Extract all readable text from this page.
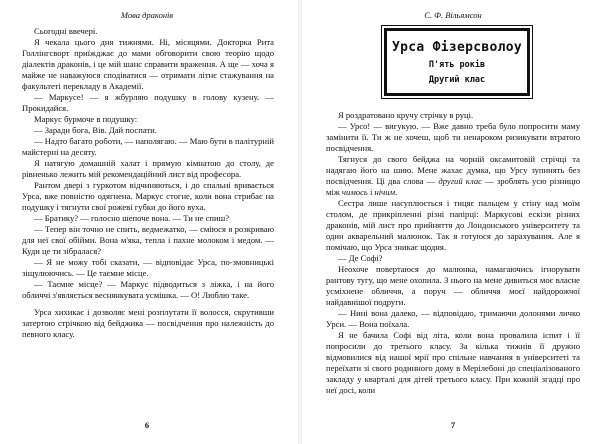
Мова драконів

Сьогодні ввечері.

Я чекала цього дня тижнями. Ні, місяцями. Докторка Рита Голлінгсворт приїжджає до мами обговорити свою теорію щодо діалектів драконів, і це мій шанс справити враження. А ще — хоча я майже не наважуюся сподіватися — отримати літнє стажування на факультеті перекладу в Академії.

— Маркусе! — я жбурляю подушку в голову кузену. — Прокидайся.

Маркус бурмоче в подушку:

— Заради бога, Вів. Дай поспати.

— Надто багато роботи, — наполягаю. — Маю бути в палітурній майстерні на десяту.

Я натягую домашній халат і прямую кімнатою до столу, де рівненько лежить мій рекомендаційний лист від професора.

Рантом двері з гуркотом відчиняються, і до спальні вривається Урса, вже повністю одягнена. Маркус стогне, коли вона стрибає на подушку і тягнути свої рожеві губки до його вуха.

— Братику? — голосно шепоче вона. — Ти не спиш?

— Тепер він точно не спить, ведмежатко, — сміюся я розкриваю для неї свої обійми. Вона м'яка, тепла і пахне молоком і медом. — Куди це ти зібралася?

— Я не можу тобі сказати, — відповідає Урса, по-змовницькі зіщулюючись. — Це таємне місце.

— Таємне місце? — Маркус підводиться з ліжка, і на його обличчі з'являється веснянкувата усмішка. — О! Люблю таке.

Урса хихикає і дозволяє мені розплутати її волосся, скрутивши затертою стрічкою від бейджика — посвідчення про належність до певного класу.

6
С. Ф. Вільямсон
Урса Фізерсволоу
П'ять років
Другий клас

Я роздратовано кручу стрічку в руці.

— Урсо! — вигукую. — Вже давно треба було попросити маму замінити її. Ти ж не хочеш, щоб ти ненароком ризикувати втратою посвідчення.

Тягнуся до свого бейджа на чорній оксамитовій стрічці та надягаю його на шию. Мене жахає думка, що Урсу зупинять без посвідчення. Ці два слова — другий клас — зроблять усю різницю між чимось і нічим.

Сестра лише насуплюється і тицяє пальцем у стіну над моїм столом, де прикріпленні різні папірці: Маркусові ескізи різних драконів, мій лист про прийняття до Лондонського університету та один акварельний малюнок. Так я готуюся до зарахування. Але я помічаю, що Урса зникає щодня.

— Де Софі?

Неохоче повертаюся до малюнка, намагаючись ігнорувати рантову тугу, що мене охопила. З нього на мене дивиться моє власне усміхнене обличчя, а поруч — обличчя моєї найдорожчої найдавнішої подруги.

— Нині вона далеко, — відповідаю, тримаючи долонями личко Урси. — Вона поїхала.

Я не бачила Софі від літа, коли вона провалила іспит і її попросили до третього класу. За кілька тижнів її дружно відмовилися від нашої мрії про спільне навчання в університеті та переїхати зі свого родинного дому в Мерілебоні до спеціалізованого закладу у кварталі для дітей третього класу. При кожній згадці про неї досі, коли

7
